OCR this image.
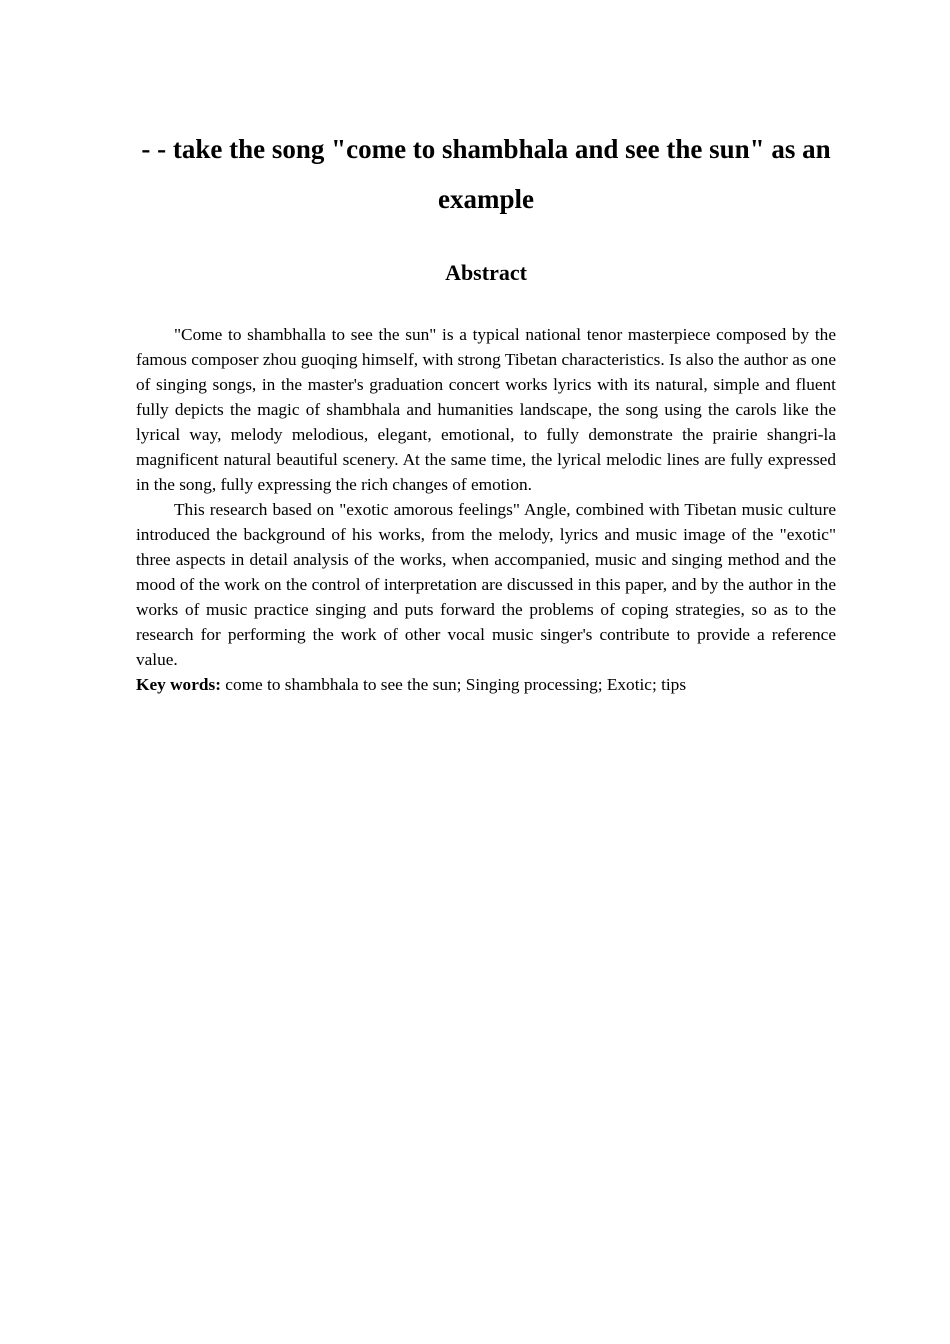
- - take the song "come to shambhala and see the sun" as an example
Abstract

"Come to shambhalla to see the sun" is a typical national tenor masterpiece composed by the famous composer zhou guoqing himself, with strong Tibetan characteristics. Is also the author as one of singing songs, in the master's graduation concert works lyrics with its natural, simple and fluent fully depicts the magic of shambhala and humanities landscape, the song using the carols like the lyrical way, melody melodious, elegant, emotional, to fully demonstrate the prairie shangri-la magnificent natural beautiful scenery. At the same time, the lyrical melodic lines are fully expressed in the song, fully expressing the rich changes of emotion.

This research based on "exotic amorous feelings" Angle, combined with Tibetan music culture introduced the background of his works, from the melody, lyrics and music image of the "exotic" three aspects in detail analysis of the works, when accompanied, music and singing method and the mood of the work on the control of interpretation are discussed in this paper, and by the author in the works of music practice singing and puts forward the problems of coping strategies, so as to the research for performing the work of other vocal music singer's contribute to provide a reference value.

Key words: come to shambhala to see the sun; Singing processing; Exotic; tips
